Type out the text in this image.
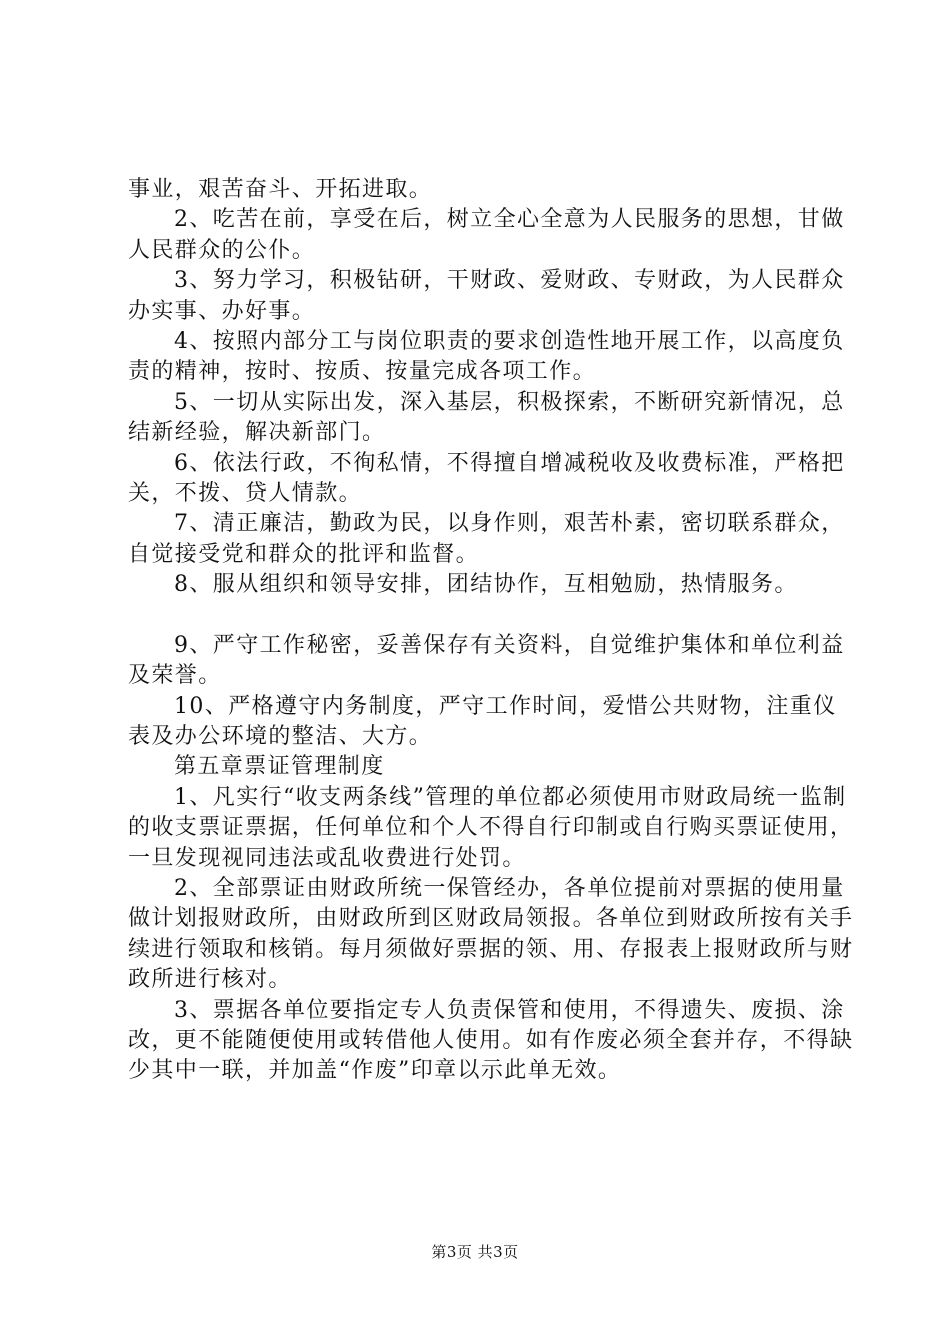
事业，艰苦奋斗、开拓进取。

2、吃苦在前，享受在后，树立全心全意为人民服务的思想，甘做人民群众的公仆。

3、努力学习，积极钻研，干财政、爱财政、专财政，为人民群众办实事、办好事。

4、按照内部分工与岗位职责的要求创造性地开展工作，以高度负责的精神，按时、按质、按量完成各项工作。

5、一切从实际出发，深入基层，积极探索，不断研究新情况，总结新经验，解决新部门。

6、依法行政，不徇私情，不得擅自增减税收及收费标准，严格把关，不拨、贷人情款。

7、清正廉洁，勤政为民，以身作则，艰苦朴素，密切联系群众，自觉接受党和群众的批评和监督。

8、服从组织和领导安排，团结协作，互相勉励，热情服务。

9、严守工作秘密，妥善保存有关资料，自觉维护集体和单位利益及荣誉。

10、严格遵守内务制度，严守工作时间，爱惜公共财物，注重仪表及办公环境的整洁、大方。

第五章票证管理制度

1、凡实行“收支两条线”管理的单位都必须使用市财政局统一监制的收支票证票据，任何单位和个人不得自行印制或自行购买票证使用，一旦发现视同违法或乱收费进行处罚。

2、全部票证由财政所统一保管经办，各单位提前对票据的使用量做计划报财政所，由财政所到区财政局领报。各单位到财政所按有关手续进行领取和核销。每月须做好票据的领、用、存报表上报财政所与财政所进行核对。

3、票据各单位要指定专人负责保管和使用，不得遗失、废损、涂改，更不能随便使用或转借他人使用。如有作废必须全套并存，不得缺少其中一联，并加盖“作废”印章以示此单无效。

第3页 共3页
